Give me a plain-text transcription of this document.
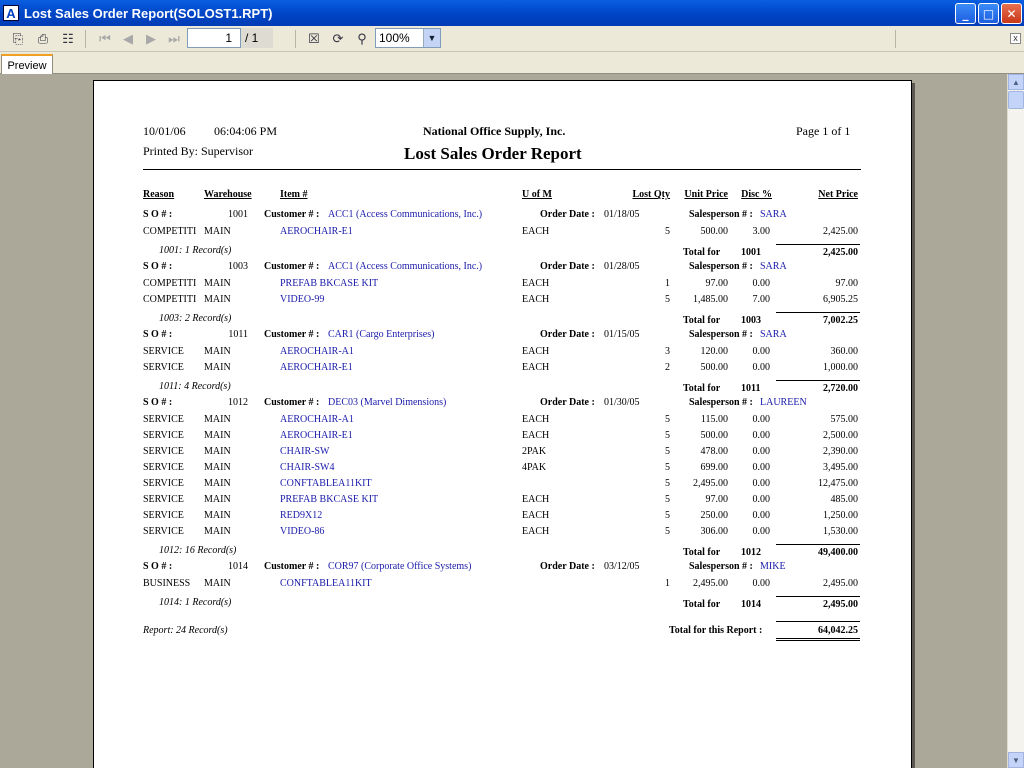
A Lost Sales Order Report(SOLOST1.RPT)	_	□	✕
⎘	⎙	☷	⏮ ◀	▶ ⏭	1	/ 1	☒ ⟳	⚲	100%	▼	x
Preview
10/01/06 06:04:06 PM	National Office Supply, Inc.	Page 1 of 1
Printed By: Supervisor	Lost Sales Order Report
Reason	Warehouse	Item #	U of M	Lost Qty Unit Price Disc %	Net Price
S O # :	1001 Customer # : ACC1 (Access Communications, Inc.)	Order Date : 01/18/05	Salesperson # : SARA
COMPETITI MAIN	AEROCHAIR-E1	EACH	5	500.00 3.00	2,425.00
1001: 1 Record(s)	Total for 1001	2,425.00
S O # :	1003 Customer # : ACC1 (Access Communications, Inc.)	Order Date : 01/28/05	Salesperson # : SARA
COMPETITI MAIN	PREFAB BKCASE KIT	EACH	1	97.00 0.00	97.00
COMPETITI MAIN	VIDEO-99	EACH	5 1,485.00 7.00	6,905.25
1003: 2 Record(s)	Total for 1003	7,002.25
S O # :	1011 Customer # : CAR1 (Cargo Enterprises)	Order Date : 01/15/05	Salesperson # : SARA
SERVICE	MAIN	AEROCHAIR-A1	EACH	3	120.00 0.00	360.00
SERVICE	MAIN	AEROCHAIR-E1	EACH	2	500.00 0.00	1,000.00
1011: 4 Record(s)	Total for 1011	2,720.00
S O # :	1012 Customer # : DEC03 (Marvel Dimensions)	Order Date : 01/30/05	Salesperson # : LAUREEN
SERVICE	MAIN	AEROCHAIR-A1	EACH	5	115.00 0.00	575.00
SERVICE	MAIN	AEROCHAIR-E1	EACH	5	500.00 0.00	2,500.00
SERVICE	MAIN	CHAIR-SW	2PAK	5	478.00 0.00	2,390.00
SERVICE	MAIN	CHAIR-SW4	4PAK	5	699.00 0.00	3,495.00
SERVICE	MAIN	CONFTABLEA11KIT	5 2,495.00 0.00	12,475.00
SERVICE	MAIN	PREFAB BKCASE KIT	EACH	5	97.00 0.00	485.00
SERVICE	MAIN	RED9X12	EACH	5	250.00 0.00	1,250.00
SERVICE	MAIN	VIDEO-86	EACH	5	306.00 0.00	1,530.00
1012: 16 Record(s)	Total for 1012	49,400.00
S O # :	1014 Customer # : COR97 (Corporate Office Systems)	Order Date : 03/12/05	Salesperson # : MIKE
BUSINESS	MAIN	CONFTABLEA11KIT	1 2,495.00 0.00	2,495.00
1014: 1 Record(s)	Total for 1014	2,495.00
Report: 24 Record(s)	Total for this Report :	64,042.25
▲
▼
